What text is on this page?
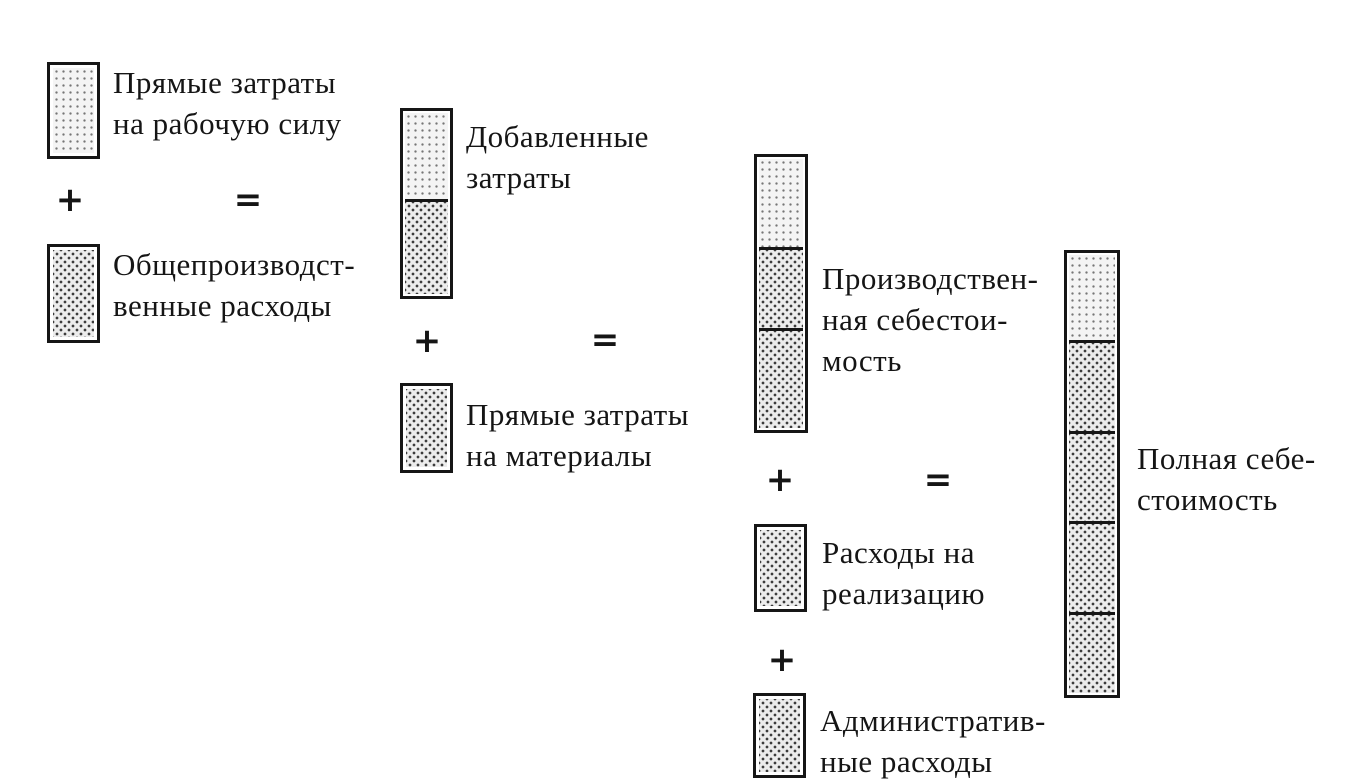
Прямые затраты
на рабочую силу
+	=
Общепроизводст-
венные расходы
Добавленные
затраты
+	=
Прямые затраты
на материалы
Производствен-
ная себестои-
мость
+	=
Расходы на
реализацию
+
Административ-
ные расходы
Полная себе-
стоимость
